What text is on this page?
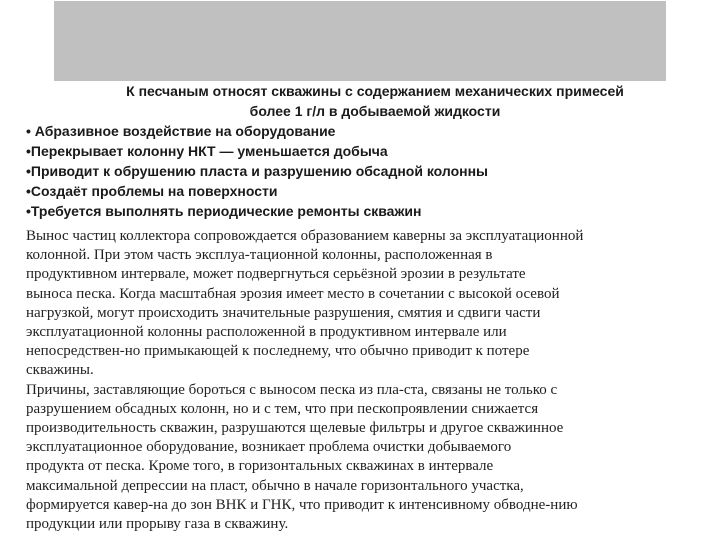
К песчаным относят скважины с содержанием механических примесей
более 1 г/л в добываемой жидкости
• Абразивное воздействие на оборудование
•Перекрывает колонну НКТ — уменьшается добыча
•Приводит к обрушению пласта и разрушению обсадной колонны
•Создаёт проблемы на поверхности
•Требуется выполнять периодические ремонты скважин

Вынос частиц коллектора сопровождается образованием каверны за эксплуатационной
колонной. При этом часть эксплуа-тационной колонны, расположенная в
продуктивном интервале, может подвергнуться серьёзной эрозии в результате
выноса песка. Когда масштабная эрозия имеет место в сочетании с высокой осевой
нагрузкой, могут происходить значительные разрушения, смятия и сдвиги части
эксплуатационной колонны расположенной в продуктивном интервале или
непосредствен-но примыкающей к последнему, что обычно приводит к потере
скважины.

Причины, заставляющие бороться с выносом песка из пла-ста, связаны не только с
разрушением обсадных колонн, но и с тем, что при пескопроявлении снижается
производительность скважин, разрушаются щелевые фильтры и другое скважинное
эксплуатационное оборудование, возникает проблема очистки добываемого
продукта от песка. Кроме того, в горизонтальных скважинах в интервале
максимальной депрессии на пласт, обычно в начале горизонтального участка,
формируется кавер-на до зон ВНК и ГНК, что приводит к интенсивному обводне-нию
продукции или прорыву газа в скважину.
